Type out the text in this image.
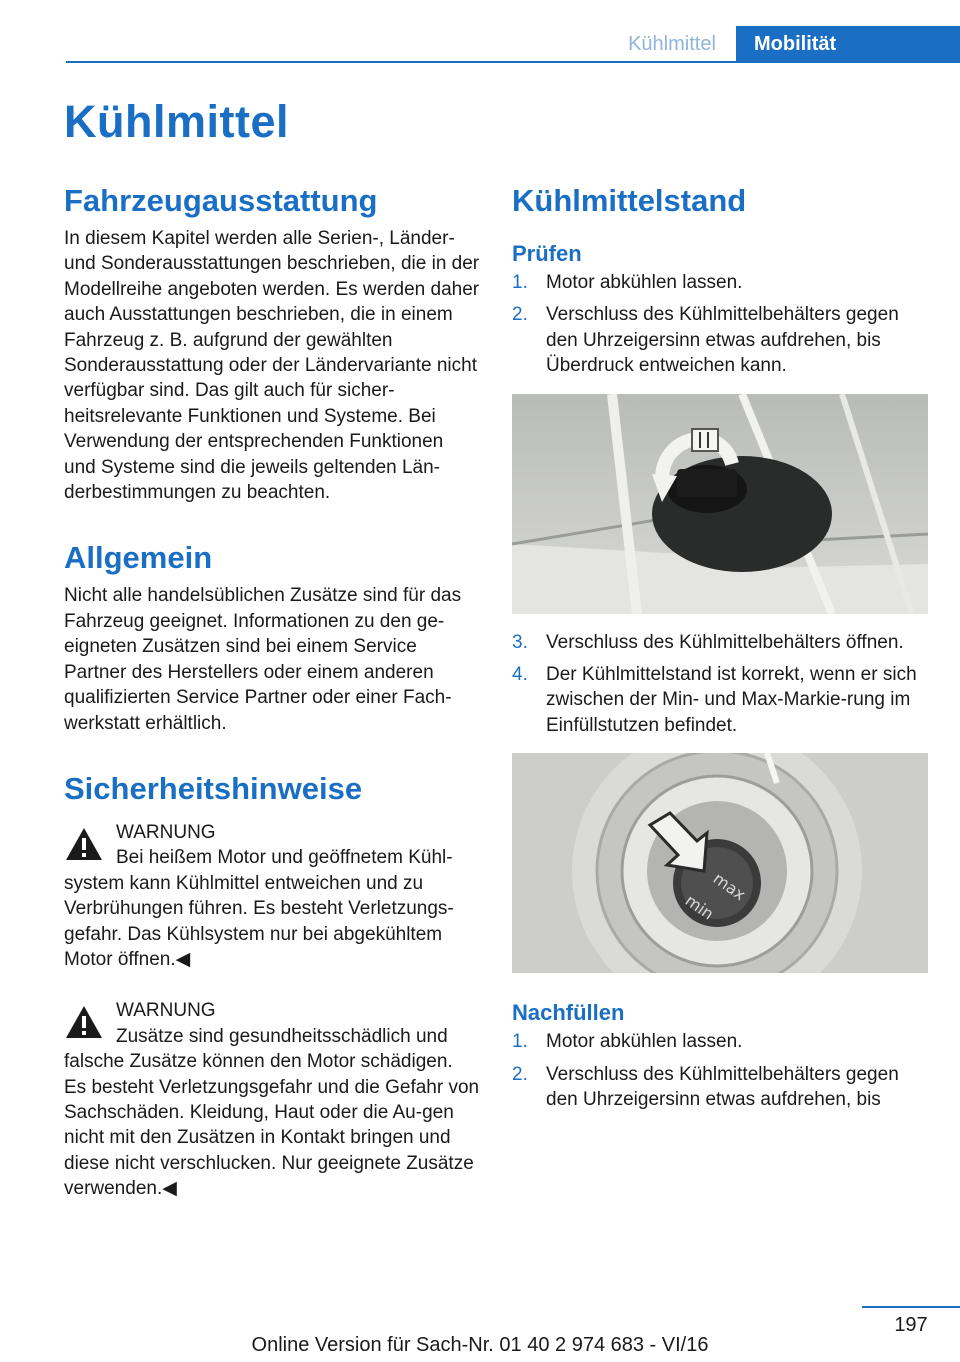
Kühlmittel	Mobilität
Kühlmittel
Fahrzeugausstattung

In diesem Kapitel werden alle Serien-, Länder- und Sonderausstattungen beschrieben, die in der Modellreihe angeboten werden. Es werden daher auch Ausstattungen beschrieben, die in einem Fahrzeug z. B. aufgrund der gewählten Sonderausstattung oder der Ländervariante nicht verfügbar sind. Das gilt auch für sicher‐heitsrelevante Funktionen und Systeme. Bei Verwendung der entsprechenden Funktionen und Systeme sind die jeweils geltenden Län‐derbestimmungen zu beachten.

Allgemein

Nicht alle handelsüblichen Zusätze sind für das Fahrzeug geeignet. Informationen zu den ge‐eigneten Zusätzen sind bei einem Service Partner des Herstellers oder einem anderen qualifizierten Service Partner oder einer Fach‐werkstatt erhältlich.

Sicherheitshinweise
WARNUNG

Bei heißem Motor und geöffnetem Kühl‐

system kann Kühlmittel entweichen und zu Verbrühungen führen. Es besteht Verletzungs‐gefahr. Das Kühlsystem nur bei abgekühltem Motor öffnen.◀

WARNUNG

Zusätze sind gesundheitsschädlich und

falsche Zusätze können den Motor schädigen. Es besteht Verletzungsgefahr und die Gefahr von Sachschäden. Kleidung, Haut oder die Au‐gen nicht mit den Zusätzen in Kontakt bringen und diese nicht verschlucken. Nur geeignete Zusätze verwenden.◀

Kühlmittelstand
Prüfen
1. Motor abkühlen lassen.
2. Verschluss des Kühlmittelbehälters gegen den Uhrzeigersinn etwas aufdrehen, bis Überdruck entweichen kann.
3. Verschluss des Kühlmittelbehälters öffnen.
4. Der Kühlmittelstand ist korrekt, wenn er sich zwischen der Min- und Max-Markie‐rung im Einfüllstutzen befindet.
max
min
Nachfüllen
1. Motor abkühlen lassen.
2. Verschluss des Kühlmittelbehälters gegen den Uhrzeigersinn etwas aufdrehen, bis
197
Online Version für Sach-Nr. 01 40 2 974 683 - VI/16
